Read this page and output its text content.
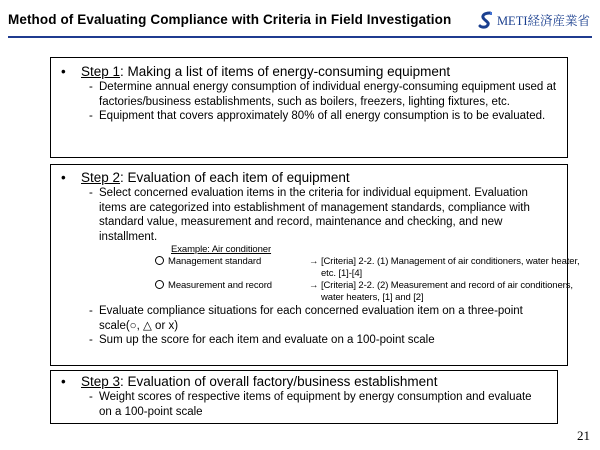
Method of Evaluating Compliance with Criteria in Field Investigation	METI経済産業省
• Step 1: Making a list of items of energy-consuming equipment
- Determine annual energy consumption of individual energy-consuming equipment used at factories/business establishments, such as boilers, freezers, lighting fixtures, etc.
- Equipment that covers approximately 80% of all energy consumption is to be evaluated.
• Step 2: Evaluation of each item of equipment
- Select concerned evaluation items in the criteria for individual equipment. Evaluation items are categorized into establishment of management standards, compliance with standard value, measurement and record, maintenance and checking, and new installment.
Example: Air conditioner
Management standard	→ [Criteria] 2-2. (1) Management of air conditioners, water heater, etc. [1]-[4]
Measurement and record	→ [Criteria] 2-2. (2) Measurement and record of air conditioners, water heaters, [1] and [2]
- Evaluate compliance situations for each concerned evaluation item on a three-point scale(○, △ or x)
- Sum up the score for each item and evaluate on a 100-point scale
• Step 3: Evaluation of overall factory/business establishment
- Weight scores of respective items of equipment by energy consumption and evaluate on a 100-point scale
21
